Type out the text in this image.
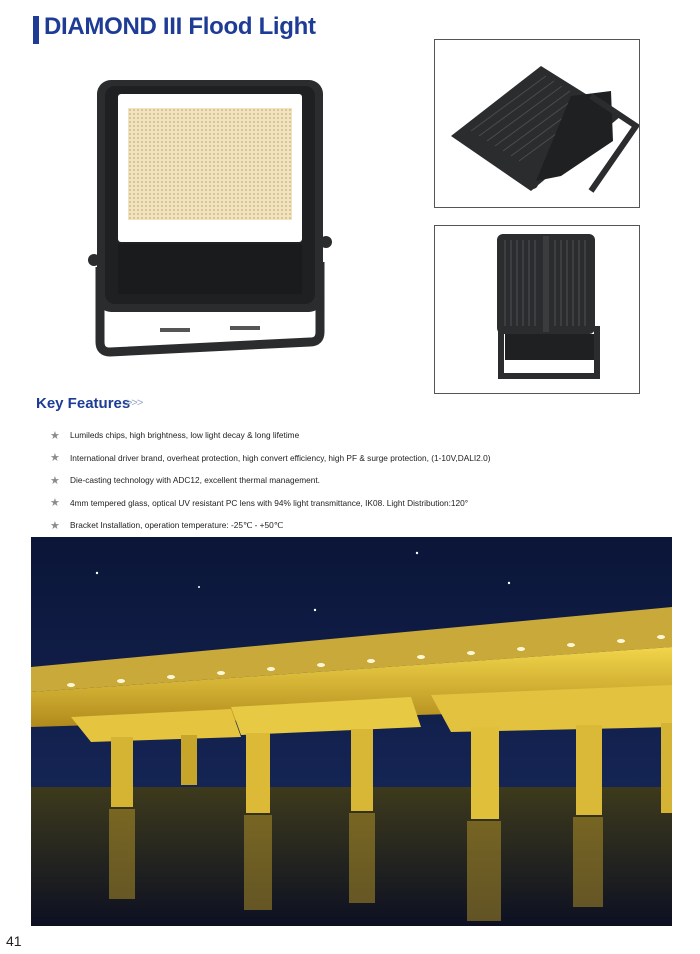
DIAMOND III Flood Light
Key Features
>>>
★ Lumileds chips, high brightness, low light decay & long lifetime
★ International driver brand, overheat protection, high convert efficiency, high PF & surge protection, (1-10V,DALI2.0)
★ Die-casting technology with ADC12, excellent thermal management.
★ 4mm tempered glass, optical UV resistant PC lens with 94% light transmittance, IK08. Light Distribution:120°
★ Bracket Installation, operation temperature: -25℃ - +50℃
41
